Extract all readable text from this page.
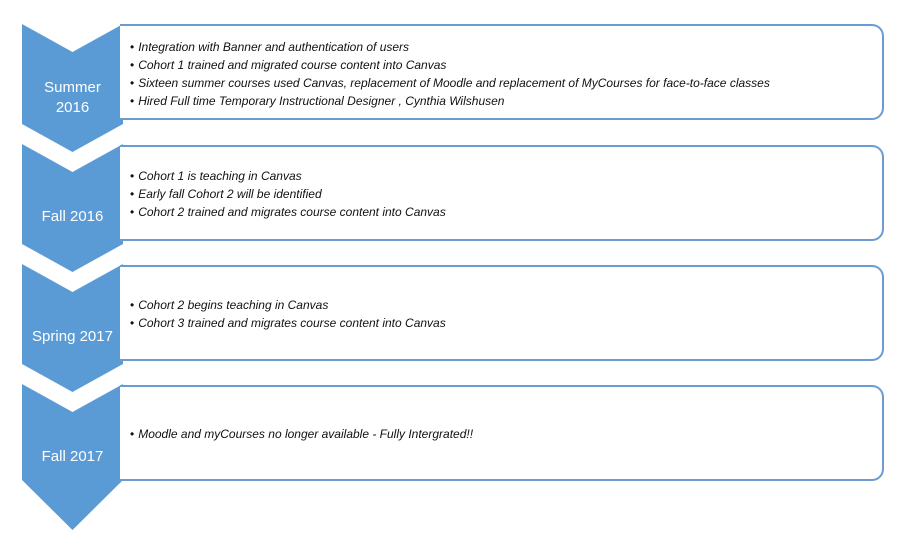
Summer
2016
• Integration with Banner and authentication of users
• Cohort 1 trained and migrated course content into Canvas
• Sixteen summer courses used Canvas, replacement of Moodle and replacement of MyCourses for face-to-face classes
• Hired Full time Temporary Instructional Designer , Cynthia Wilshusen
Fall 2016
• Cohort 1 is teaching in Canvas
• Early fall Cohort 2 will be identified
• Cohort 2 trained and migrates course content into Canvas
Spring 2017
• Cohort 2 begins teaching in Canvas
• Cohort 3 trained and migrates course content into Canvas
Fall 2017
• Moodle and myCourses no longer available - Fully Intergrated!!
